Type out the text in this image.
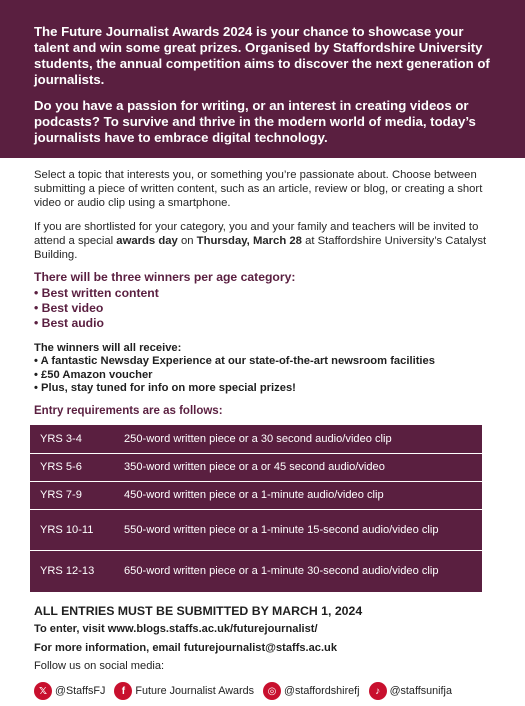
The Future Journalist Awards 2024 is your chance to showcase your talent and win some great prizes. Organised by Staffordshire University students, the annual competition aims to discover the next generation of journalists.

Do you have a passion for writing, or an interest in creating videos or podcasts? To survive and thrive in the modern world of media, today’s journalists have to embrace digital technology.

Select a topic that interests you, or something you’re passionate about. Choose between submitting a piece of written content, such as an article, review or blog, or creating a short video or audio clip using a smartphone.

If you are shortlisted for your category, you and your family and teachers will be invited to attend a special awards day on Thursday, March 28 at Staffordshire University’s Catalyst Building.

There will be three winners per age category:

• Best written content
• Best video
• Best audio

The winners will all receive:

• A fantastic Newsday Experience at our state-of-the-art newsroom facilities
• £50 Amazon voucher
• Plus, stay tuned for info on more special prizes!

Entry requirements are as follows:

YRS 3-4	250-word written piece or a 30 second audio/video clip
YRS 5-6	350-word written piece or a or 45 second audio/video
YRS 7-9	450-word written piece or a 1-minute audio/video clip
YRS 10-11	550-word written piece or a 1-minute 15-second audio/video clip
YRS 12-13	650-word written piece or a 1-minute 30-second audio/video clip

ALL ENTRIES MUST BE SUBMITTED BY MARCH 1, 2024

To enter, visit www.blogs.staffs.ac.uk/futurejournalist/

For more information, email futurejournalist@staffs.ac.uk

Follow us on social media:

𝕏 @StaffsFJ	f Future Journalist Awards	◎ @staffordshirefj	♪ @staffsunifja
